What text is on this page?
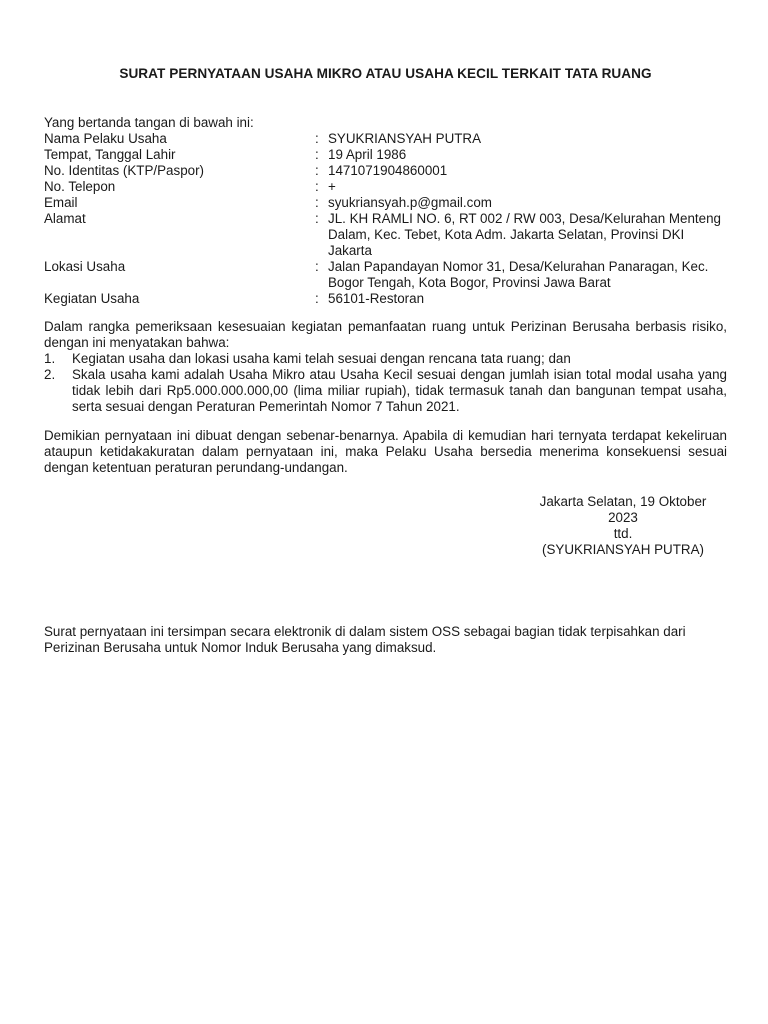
SURAT PERNYATAAN USAHA MIKRO ATAU USAHA KECIL TERKAIT TATA RUANG

Yang bertanda tangan di bawah ini:

Nama Pelaku Usaha	:	SYUKRIANSYAH PUTRA
Tempat, Tanggal Lahir	:	19 April 1986
No. Identitas (KTP/Paspor)	:	1471071904860001
No. Telepon	:	+
Email	:	syukriansyah.p@gmail.com
Alamat	:	JL. KH RAMLI NO. 6, RT 002 / RW 003, Desa/Kelurahan Menteng Dalam, Kec. Tebet, Kota Adm. Jakarta Selatan, Provinsi DKI Jakarta
Lokasi Usaha	:	Jalan Papandayan Nomor 31, Desa/Kelurahan Panaragan, Kec. Bogor Tengah, Kota Bogor, Provinsi Jawa Barat
Kegiatan Usaha	:	56101-Restoran

Dalam rangka pemeriksaan kesesuaian kegiatan pemanfaatan ruang untuk Perizinan Berusaha berbasis risiko, dengan ini menyatakan bahwa:

1. Kegiatan usaha dan lokasi usaha kami telah sesuai dengan rencana tata ruang; dan
2. Skala usaha kami adalah Usaha Mikro atau Usaha Kecil sesuai dengan jumlah isian total modal usaha yang tidak lebih dari Rp5.000.000.000,00 (lima miliar rupiah), tidak termasuk tanah dan bangunan tempat usaha, serta sesuai dengan Peraturan Pemerintah Nomor 7 Tahun 2021.

Demikian pernyataan ini dibuat dengan sebenar-benarnya. Apabila di kemudian hari ternyata terdapat kekeliruan ataupun ketidakakuratan dalam pernyataan ini, maka Pelaku Usaha bersedia menerima konsekuensi sesuai dengan ketentuan peraturan perundang-undangan.

Jakarta Selatan, 19 Oktober
2023
ttd.
(SYUKRIANSYAH PUTRA)

Surat pernyataan ini tersimpan secara elektronik di dalam sistem OSS sebagai bagian tidak terpisahkan dari Perizinan Berusaha untuk Nomor Induk Berusaha yang dimaksud.
